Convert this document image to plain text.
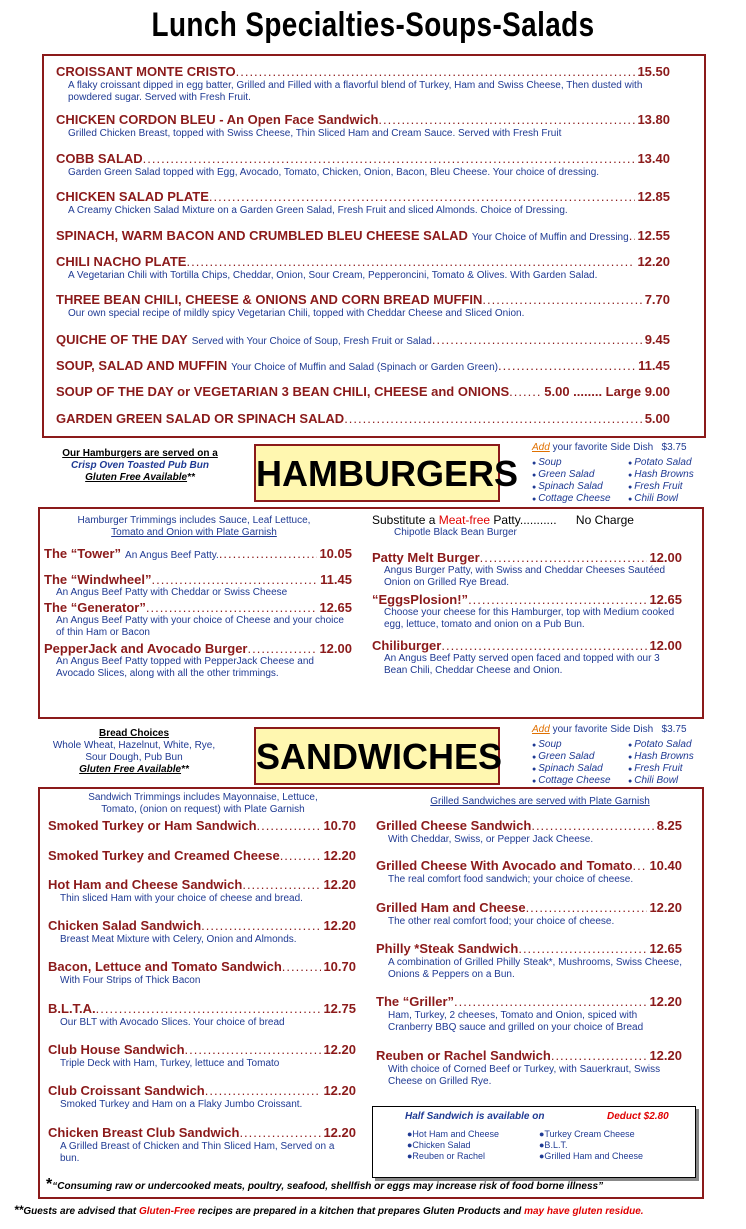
Lunch Specialties-Soups-Salads
CROISSANT MONTE CRISTO .....	15.50
A flaky croissant dipped in egg batter, Grilled and Filled with a flavorful blend of Turkey, Ham and Swiss Cheese, Then dusted with powdered sugar. Served with Fresh Fruit.
CHICKEN CORDON BLEU - An Open Face Sandwich .....	13.80
Grilled Chicken Breast, topped with Swiss Cheese, Thin Sliced Ham and Cream Sauce. Served with Fresh Fruit
COBB SALAD .....	13.40
Garden Green Salad topped with Egg, Avocado, Tomato, Chicken, Onion, Bacon, Bleu Cheese. Your choice of dressing.
CHICKEN SALAD PLATE .....	12.85
A Creamy Chicken Salad Mixture on a Garden Green Salad, Fresh Fruit and sliced Almonds. Choice of Dressing.
SPINACH, WARM BACON AND CRUMBLED BLEU CHEESE SALAD Your Choice of Muffin and Dressing ..... 12.55
CHILI NACHO PLATE .....	12.20
A Vegetarian Chili with Tortilla Chips, Cheddar, Onion, Sour Cream, Pepperoncini, Tomato & Olives. With Garden Salad.
THREE BEAN CHILI, CHEESE & ONIONS AND CORN BREAD MUFFIN .....	7.70
Our own special recipe of mildly spicy Vegetarian Chili, topped with Cheddar Cheese and Sliced Onion.
QUICHE OF THE DAY Served with Your Choice of Soup, Fresh Fruit or Salad .....	9.45
SOUP, SALAD AND MUFFIN Your Choice of Muffin and Salad (Spinach or Garden Green) .....	11.45
SOUP OF THE DAY or VEGETARIAN 3 BEAN CHILI, CHEESE and ONIONS .....	5.00 ........ Large 9.00
GARDEN GREEN SALAD OR SPINACH SALAD .....	5.00
Our Hamburgers are served on a
Crisp Oven Toasted Pub Bun
Gluten Free Available**	HAMBURGERS
Add your favorite Side Dish $3.75
● Soup	● Potato Salad
● Green Salad	● Hash Browns
● Spinach Salad	● Fresh Fruit
● Cottage Cheese	● Chili Bowl
Hamburger Trimmings includes Sauce, Leaf Lettuce,
Tomato and Onion with Plate Garnish
Substitute a Meat-free Patty........... No Charge
Chipotle Black Bean Burger
The “Tower” An Angus Beef Patty. .....	10.05
The “Windwheel” .....	11.45
An Angus Beef Patty with Cheddar or Swiss Cheese
The “Generator” .....	12.65
An Angus Beef Patty with your choice of Cheese and your choice of thin Ham or Bacon
PepperJack and Avocado Burger .....	12.00
An Angus Beef Patty topped with PepperJack Cheese and Avocado Slices, along with all the other trimmings.
Patty Melt Burger .....	12.00
Angus Burger Patty, with Swiss and Cheddar Cheeses Sautéed Onion on Grilled Rye Bread.
“EggsPlosion!” .....	12.65
Choose your cheese for this Hamburger, top with Medium cooked egg, lettuce, tomato and onion on a Pub Bun.
Chiliburger .....	12.00
An Angus Beef Patty served open faced and topped with our 3 Bean Chili, Cheddar Cheese and Onion.
Bread Choices
Whole Wheat, Hazelnut, White, Rye,
Sour Dough, Pub Bun
Gluten Free Available**	SANDWICHES
Add your favorite Side Dish $3.75
● Soup	● Potato Salad
● Green Salad	● Hash Browns
● Spinach Salad	● Fresh Fruit
● Cottage Cheese	● Chili Bowl
Sandwich Trimmings includes Mayonnaise, Lettuce,
Tomato, (onion on request) with Plate Garnish
Grilled Sandwiches are served with Plate Garnish
Smoked Turkey or Ham Sandwich .....	10.70
Smoked Turkey and Creamed Cheese .....	12.20
Hot Ham and Cheese Sandwich .....	12.20
Thin sliced Ham with your choice of cheese and bread.
Chicken Salad Sandwich .....	12.20
Breast Meat Mixture with Celery, Onion and Almonds.
Bacon, Lettuce and Tomato Sandwich .....	10.70
With Four Strips of Thick Bacon
B.L.T.A. .....	12.75
Our BLT with Avocado Slices. Your choice of bread
Club House Sandwich .....	12.20
Triple Deck with Ham, Turkey, lettuce and Tomato
Club Croissant Sandwich .....	12.20
Smoked Turkey and Ham on a Flaky Jumbo Croissant.
Chicken Breast Club Sandwich .....	12.20
A Grilled Breast of Chicken and Thin Sliced Ham, Served on a bun.
Grilled Cheese Sandwich .....	8.25
With Cheddar, Swiss, or Pepper Jack Cheese.
Grilled Cheese With Avocado and Tomato ..... 10.40
The real comfort food sandwich; your choice of cheese.
Grilled Ham and Cheese .....	12.20
The other real comfort food; your choice of cheese.
Philly *Steak Sandwich .....	12.65
A combination of Grilled Philly Steak*, Mushrooms, Swiss Cheese, Onions & Peppers on a Bun.
The “Griller” .....	12.20
Ham, Turkey, 2 cheeses, Tomato and Onion, spiced with Cranberry BBQ sauce and grilled on your choice of Bread
Reuben or Rachel Sandwich .....	12.20
With choice of Corned Beef or Turkey, with Sauerkraut, Swiss Cheese on Grilled Rye.
Half Sandwich is available on	Deduct $2.80
●Hot Ham and Cheese	●Turkey Cream Cheese
●Chicken Salad	●B.L.T.
●Reuben or Rachel	●Grilled Ham and Cheese
*“Consuming raw or undercooked meats, poultry, seafood, shellfish or eggs may increase risk of food borne illness”
**Guests are advised that Gluten-Free recipes are prepared in a kitchen that prepares Gluten Products and may have gluten residue.
